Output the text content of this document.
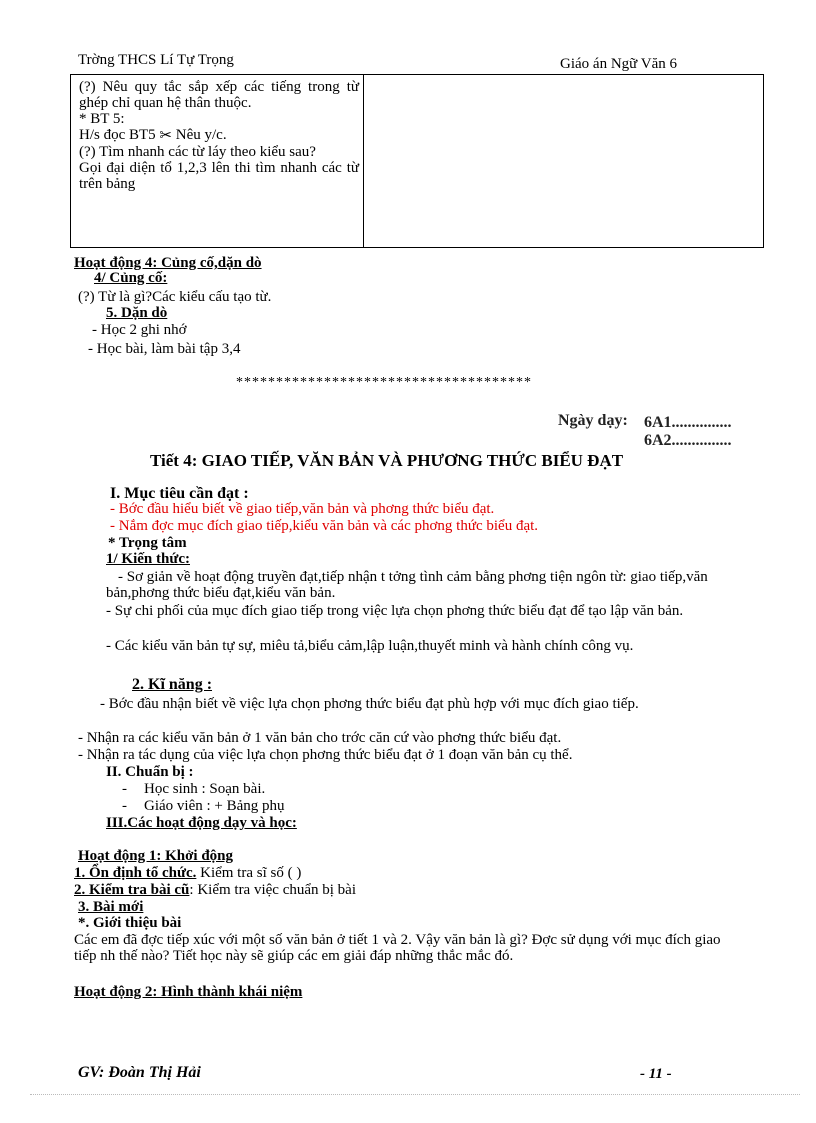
Trờng THCS Lí Tự Trọng	Giáo án Ngữ Văn 6

(?) Nêu quy tắc sắp xếp các tiếng trong từ ghép chỉ quan hệ thân thuộc.

* BT 5:

H/s đọc BT5 ✂ Nêu y/c.

(?) Tìm nhanh các từ láy theo kiểu sau?

Gọi đại diện tổ 1,2,3 lên thi tìm nhanh các từ trên bảng

Hoạt động 4: Củng cố,dặn dò
4/ Củng cố:
(?) Từ là gì?Các kiểu cấu tạo từ.
5. Dặn dò
- Học 2 ghi nhớ
- Học bài, làm bài tập 3,4
*************************************
Ngày dạy: 6A1...............
6A2...............
Tiết 4: GIAO TIẾP, VĂN BẢN VÀ PHƯƠNG THỨC BIỂU ĐẠT
I. Mục tiêu cần đạt :
- Bớc đầu hiểu biết về giao tiếp,văn bản và phơng thức biểu đạt.
- Nắm đợc mục đích giao tiếp,kiểu văn bản và các phơng thức biểu đạt.
* Trọng tâm
1/ Kiến thức:
- Sơ giản về hoạt động truyền đạt,tiếp nhận t tởng tình cảm bằng phơng tiện ngôn từ: giao tiếp,văn bản,phơng thức biểu đạt,kiểu văn bản.
- Sự chi phối của mục đích giao tiếp trong việc lựa chọn phơng thức biểu đạt để tạo lập văn bản.
- Các kiểu văn bản tự sự, miêu tả,biểu cảm,lập luận,thuyết minh và hành chính công vụ.
2. Kĩ năng :
- Bớc đầu nhận biết về việc lựa chọn phơng thức biểu đạt phù hợp với mục đích giao tiếp.
- Nhận ra các kiểu văn bản ở 1 văn bản cho trớc căn cứ vào phơng thức biểu đạt.
- Nhận ra tác dụng của việc lựa chọn phơng thức biểu đạt ở 1 đoạn văn bản cụ thể.
II. Chuẩn bị :
- Học sinh : Soạn bài.
- Giáo viên : + Bảng phụ
III.Các hoạt động dạy và học:
Hoạt động 1: Khởi động
1. Ổn định tổ chức. Kiểm tra sĩ số ( )
2. Kiểm tra bài cũ: Kiểm tra việc chuẩn bị bài
3. Bài mới
*. Giới thiệu bài
Các em đã đợc tiếp xúc với một số văn bản ở tiết 1 và 2. Vậy văn bản là gì? Đợc sử dụng với mục đích giao tiếp nh thế nào? Tiết học này sẽ giúp các em giải đáp những thắc mắc đó.
Hoạt động 2: Hình thành khái niệm
GV: Đoàn Thị Hải	- 11 -
